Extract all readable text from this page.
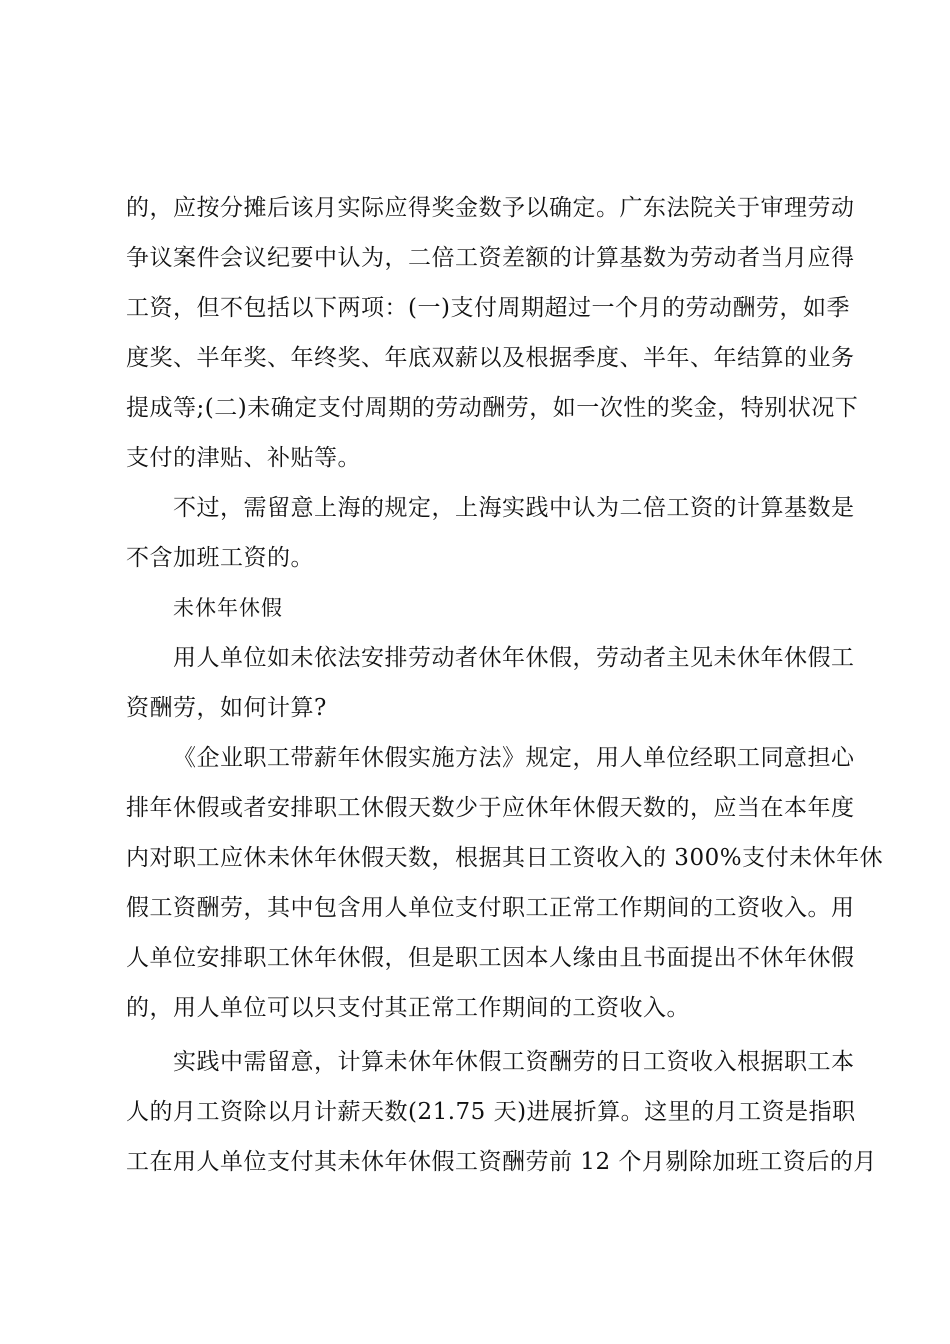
的，应按分摊后该月实际应得奖金数予以确定。广东法院关于审理劳动
争议案件会议纪要中认为，二倍工资差额的计算基数为劳动者当月应得
工资，但不包括以下两项：(一)支付周期超过一个月的劳动酬劳，如季
度奖、半年奖、年终奖、年底双薪以及根据季度、半年、年结算的业务
提成等;(二)未确定支付周期的劳动酬劳，如一次性的奖金，特别状况下
支付的津贴、补贴等。
不过，需留意上海的规定，上海实践中认为二倍工资的计算基数是
不含加班工资的。
未休年休假
用人单位如未依法安排劳动者休年休假，劳动者主见未休年休假工
资酬劳，如何计算?
《企业职工带薪年休假实施方法》规定，用人单位经职工同意担心
排年休假或者安排职工休假天数少于应休年休假天数的，应当在本年度
内对职工应休未休年休假天数，根据其日工资收入的 300%支付未休年休
假工资酬劳，其中包含用人单位支付职工正常工作期间的工资收入。用
人单位安排职工休年休假，但是职工因本人缘由且书面提出不休年休假
的，用人单位可以只支付其正常工作期间的工资收入。
实践中需留意，计算未休年休假工资酬劳的日工资收入根据职工本
人的月工资除以月计薪天数(21.75 天)进展折算。这里的月工资是指职
工在用人单位支付其未休年休假工资酬劳前 12 个月剔除加班工资后的月
